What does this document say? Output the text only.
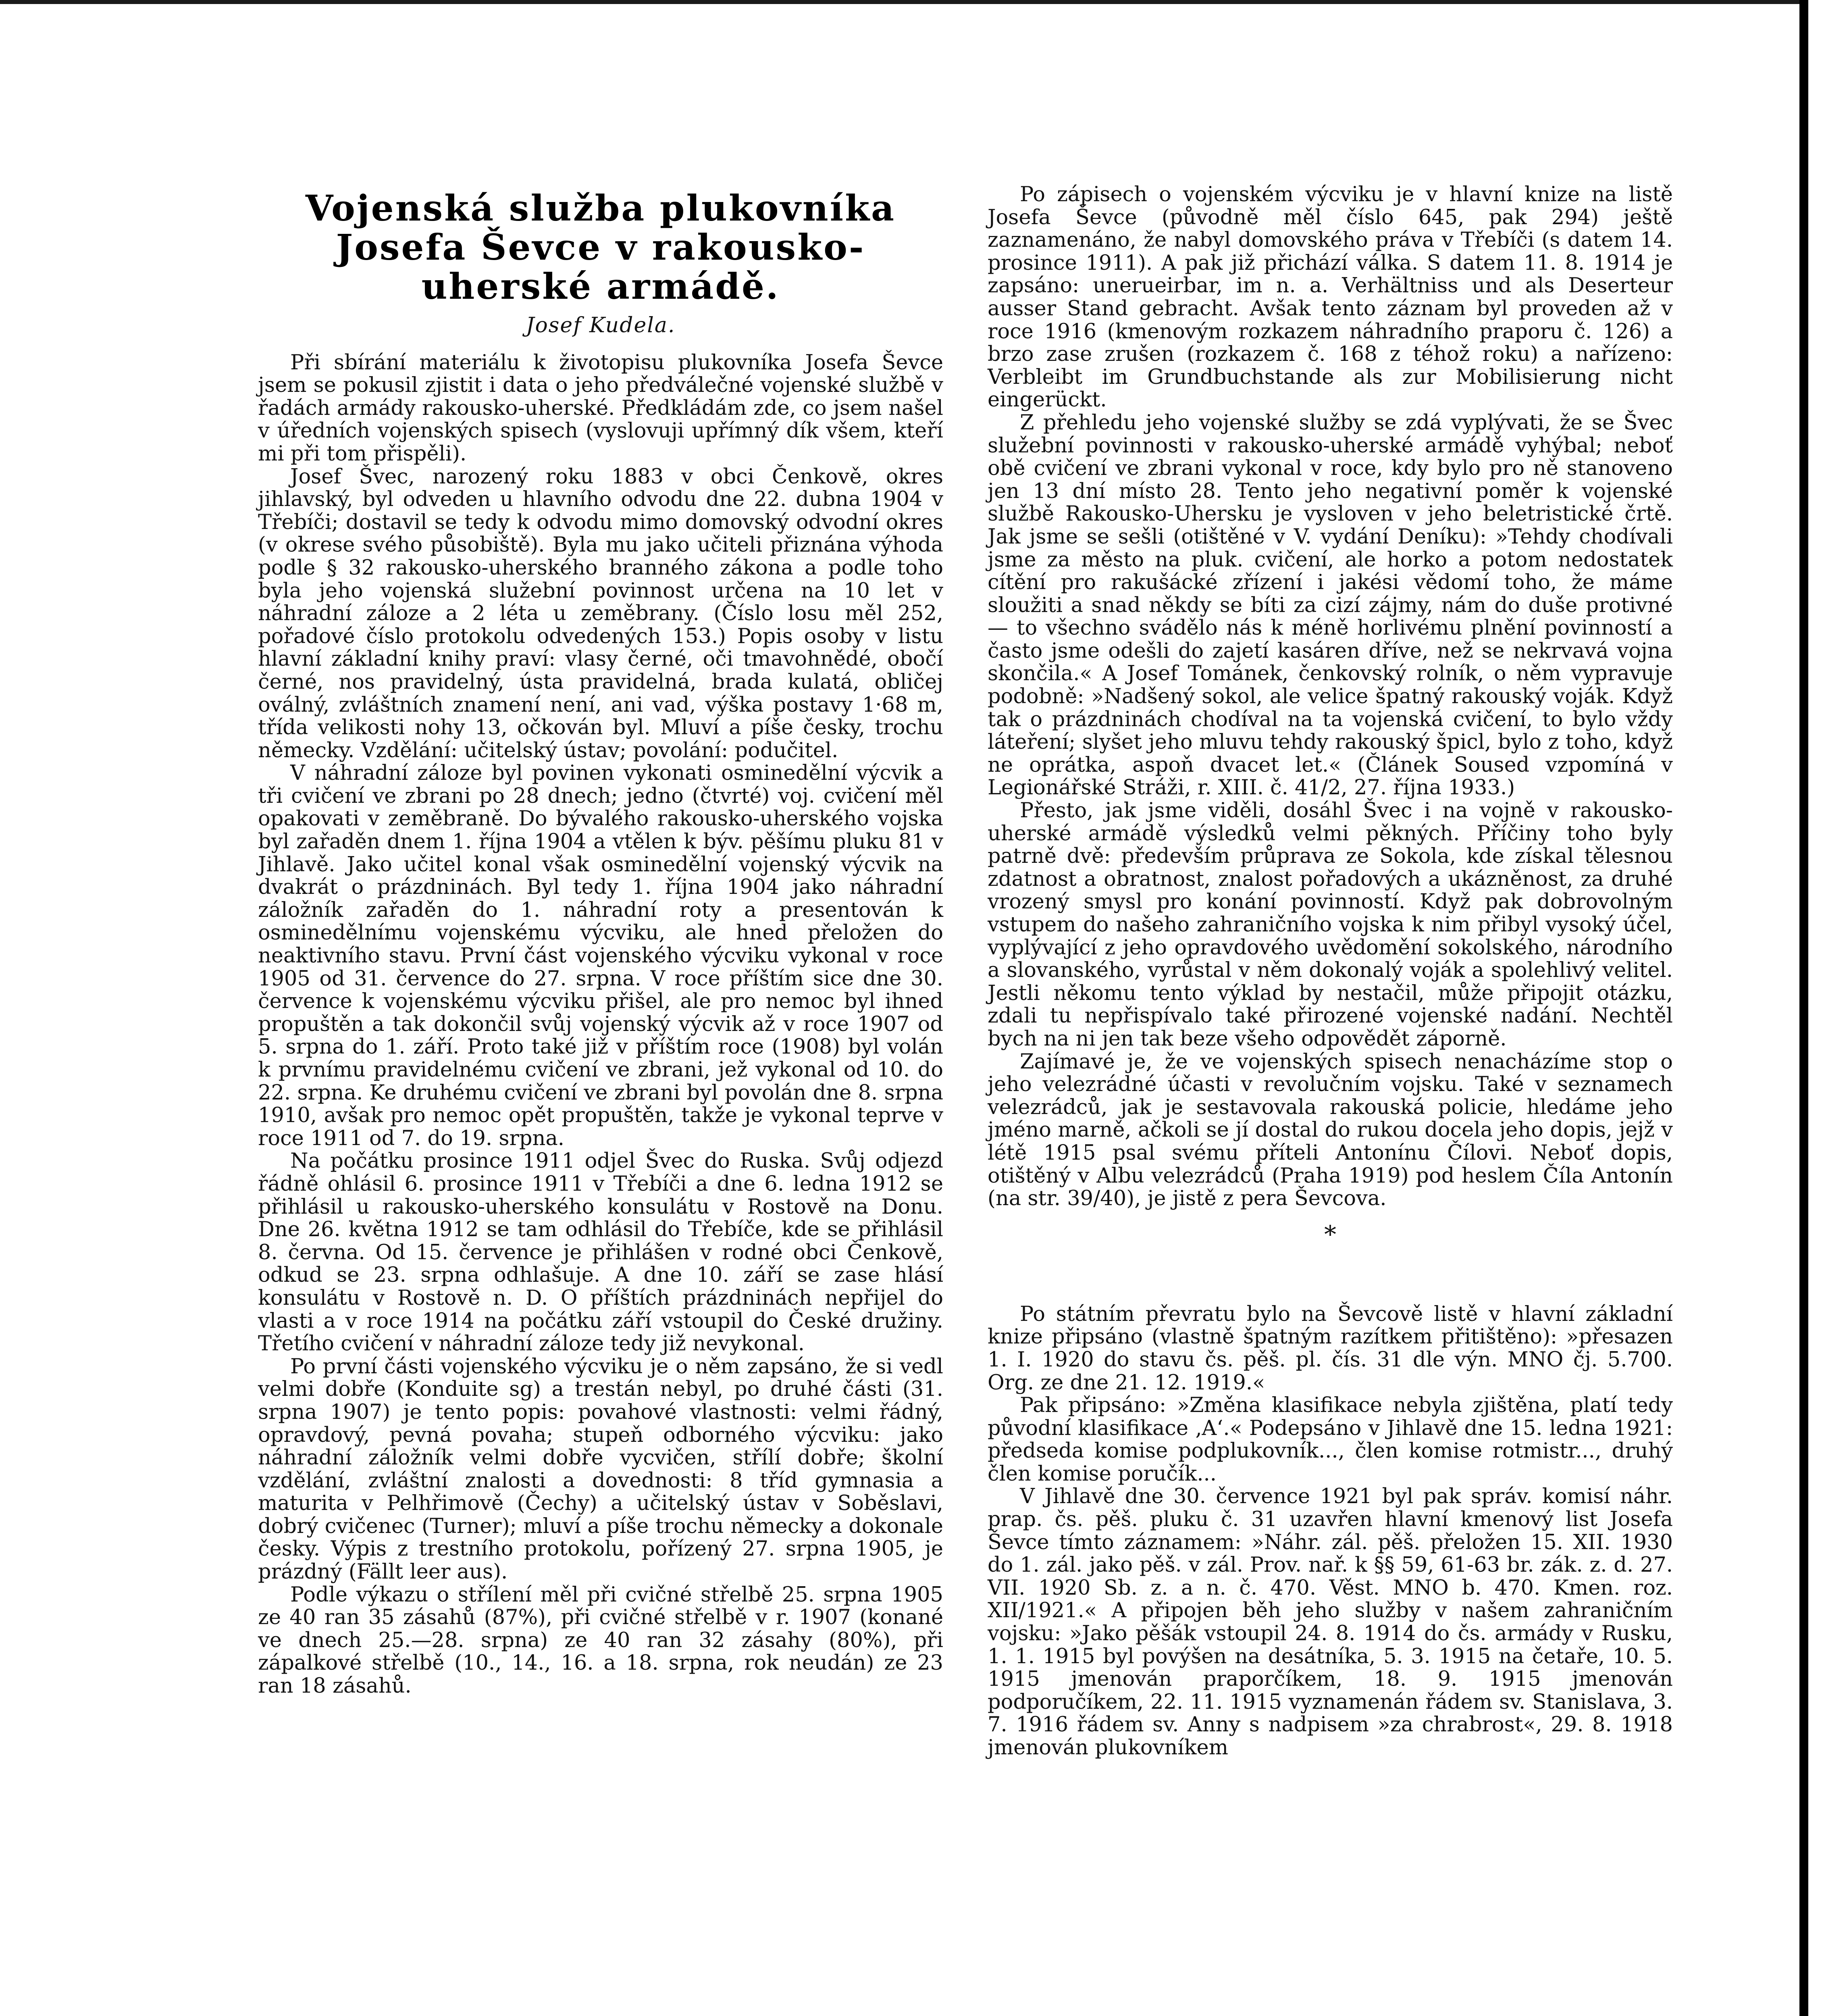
Vojenská služba plukovníka Josefa Ševce v rakousko-uherské armádě.
Josef Kudela.

Při sbírání materiálu k životopisu plukovníka Josefa Ševce jsem se pokusil zjistit i data o jeho předválečné vojenské službě v řadách armády rakousko-uherské. Předkládám zde, co jsem našel v úředních vojenských spisech (vyslovuji upřímný dík všem, kteří mi při tom přispěli).

Josef Švec, narozený roku 1883 v obci Čenkově, okres jihlavský, byl odveden u hlavního odvodu dne 22. dubna 1904 v Třebíči; dostavil se tedy k odvodu mimo domovský odvodní okres (v okrese svého působiště). Byla mu jako učiteli přiznána výhoda podle § 32 rakousko-uherského branného zákona a podle toho byla jeho vojenská služební povinnost určena na 10 let v náhradní záloze a 2 léta u zeměbrany. (Číslo losu měl 252, pořadové číslo protokolu odvedených 153.) Popis osoby v listu hlavní základní knihy praví: vlasy černé, oči tmavohnědé, obočí černé, nos pravidelný, ústa pravidelná, brada kulatá, obličej oválný, zvláštních znamení není, ani vad, výška postavy 1·68 m, třída velikosti nohy 13, očkován byl. Mluví a píše česky, trochu německy. Vzdělání: učitelský ústav; povolání: podučitel.

V náhradní záloze byl povinen vykonati osminedělní výcvik a tři cvičení ve zbrani po 28 dnech; jedno (čtvrté) voj. cvičení měl opakovati v zeměbraně. Do bývalého rakousko-uherského vojska byl zařaděn dnem 1. října 1904 a vtělen k býv. pěšímu pluku 81 v Jihlavě. Jako učitel konal však osminedělní vojenský výcvik na dvakrát o prázdninách. Byl tedy 1. října 1904 jako náhradní záložník zařaděn do 1. náhradní roty a presentován k osminedělnímu vojenskému výcviku, ale hned přeložen do neaktivního stavu. První část vojenského výcviku vykonal v roce 1905 od 31. července do 27. srpna. V roce příštím sice dne 30. července k vojenskému výcviku přišel, ale pro nemoc byl ihned propuštěn a tak dokončil svůj vojenský výcvik až v roce 1907 od 5. srpna do 1. září. Proto také již v příštím roce (1908) byl volán k prvnímu pravidelnému cvičení ve zbrani, jež vykonal od 10. do 22. srpna. Ke druhému cvičení ve zbrani byl povolán dne 8. srpna 1910, avšak pro nemoc opět propuštěn, takže je vykonal teprve v roce 1911 od 7. do 19. srpna.

Na počátku prosince 1911 odjel Švec do Ruska. Svůj odjezd řádně ohlásil 6. prosince 1911 v Třebíči a dne 6. ledna 1912 se přihlásil u rakousko-uherského konsulátu v Rostově na Donu. Dne 26. května 1912 se tam odhlásil do Třebíče, kde se přihlásil 8. června. Od 15. července je přihlášen v rodné obci Čenkově, odkud se 23. srpna odhlašuje. A dne 10. září se zase hlásí konsulátu v Rostově n. D. O příštích prázdninách nepřijel do vlasti a v roce 1914 na počátku září vstoupil do České družiny. Třetího cvičení v náhradní záloze tedy již nevykonal.

Po první části vojenského výcviku je o něm zapsáno, že si vedl velmi dobře (Konduite sg) a trestán nebyl, po druhé části (31. srpna 1907) je tento popis: povahové vlastnosti: velmi řádný, opravdový, pevná povaha; stupeň odborného výcviku: jako náhradní záložník velmi dobře vycvičen, střílí dobře; školní vzdělání, zvláštní znalosti a dovednosti: 8 tříd gymnasia a maturita v Pelhřimově (Čechy) a učitelský ústav v Soběslavi, dobrý cvičenec (Turner); mluví a píše trochu německy a dokonale česky. Výpis z trestního protokolu, pořízený 27. srpna 1905, je prázdný (Fällt leer aus).

Podle výkazu o střílení měl při cvičné střelbě 25. srpna 1905 ze 40 ran 35 zásahů (87%), při cvičné střelbě v r. 1907 (konané ve dnech 25.—28. srpna) ze 40 ran 32 zásahy (80%), při zápalkové střelbě (10., 14., 16. a 18. srpna, rok neudán) ze 23 ran 18 zásahů.

Po zápisech o vojenském výcviku je v hlavní knize na listě Josefa Ševce (původně měl číslo 645, pak 294) ještě zaznamenáno, že nabyl domovského práva v Třebíči (s datem 14. prosince 1911). A pak již přichází válka. S datem 11. 8. 1914 je zapsáno: unerueirbar, im n. a. Verhältniss und als Deserteur ausser Stand gebracht. Avšak tento záznam byl proveden až v roce 1916 (kmenovým rozkazem náhradního praporu č. 126) a brzo zase zrušen (rozkazem č. 168 z téhož roku) a nařízeno: Verbleibt im Grundbuchstande als zur Mobilisierung nicht eingerückt.

Z přehledu jeho vojenské služby se zdá vyplývati, že se Švec služební povinnosti v rakousko-uherské armádě vyhýbal; neboť obě cvičení ve zbrani vykonal v roce, kdy bylo pro ně stanoveno jen 13 dní místo 28. Tento jeho negativní poměr k vojenské službě Rakousko-Uhersku je vysloven v jeho beletristické črtě. Jak jsme se sešli (otištěné v V. vydání Deníku): »Tehdy chodívali jsme za město na pluk. cvičení, ale horko a potom nedostatek cítění pro rakušácké zřízení i jakési vědomí toho, že máme sloužiti a snad někdy se bíti za cizí zájmy, nám do duše protivné — to všechno svádělo nás k méně horlivému plnění povinností a často jsme odešli do zajetí kasáren dříve, než se nekrvavá vojna skončila.« A Josef Tománek, čenkovský rolník, o něm vypravuje podobně: »Nadšený sokol, ale velice špatný rakouský voják. Když tak o prázdninách chodíval na ta vojenská cvičení, to bylo vždy láteření; slyšet jeho mluvu tehdy rakouský špicl, bylo z toho, když ne oprátka, aspoň dvacet let.« (Článek Soused vzpomíná v Legionářské Stráži, r. XIII. č. 41/2, 27. října 1933.)

Přesto, jak jsme viděli, dosáhl Švec i na vojně v rakousko-uherské armádě výsledků velmi pěkných. Příčiny toho byly patrně dvě: především průprava ze Sokola, kde získal tělesnou zdatnost a obratnost, znalost pořadových a ukázněnost, za druhé vrozený smysl pro konání povinností. Když pak dobrovolným vstupem do našeho zahraničního vojska k nim přibyl vysoký účel, vyplývající z jeho opravdového uvědomění sokolského, národního a slovanského, vyrůstal v něm dokonalý voják a spolehlivý velitel. Jestli někomu tento výklad by nestačil, může připojit otázku, zdali tu nepřispívalo také přirozené vojenské nadání. Nechtěl bych na ni jen tak beze všeho odpovědět záporně.

Zajímavé je, že ve vojenských spisech nenacházíme stop o jeho velezrádné účasti v revolučním vojsku. Také v seznamech velezrádců, jak je sestavovala rakouská policie, hledáme jeho jméno marně, ačkoli se jí dostal do rukou docela jeho dopis, jejž v létě 1915 psal svému příteli Antonínu Čílovi. Neboť dopis, otištěný v Albu velezrádců (Praha 1919) pod heslem Číla Antonín (na str. 39/40), je jistě z pera Ševcova.

*

Po státním převratu bylo na Ševcově listě v hlavní základní knize připsáno (vlastně špatným razítkem přitištěno): »přesazen 1. I. 1920 do stavu čs. pěš. pl. čís. 31 dle výn. MNO čj. 5.700. Org. ze dne 21. 12. 1919.«

Pak připsáno: »Změna klasifikace nebyla zjištěna, platí tedy původní klasifikace ‚A‘.« Podepsáno v Jihlavě dne 15. ledna 1921: předseda komise podplukovník..., člen komise rotmistr..., druhý člen komise poručík...

V Jihlavě dne 30. července 1921 byl pak správ. komisí náhr. prap. čs. pěš. pluku č. 31 uzavřen hlavní kmenový list Josefa Ševce tímto záznamem: »Náhr. zál. pěš. přeložen 15. XII. 1930 do 1. zál. jako pěš. v zál. Prov. nař. k §§ 59, 61-63 br. zák. z. d. 27. VII. 1920 Sb. z. a n. č. 470. Věst. MNO b. 470. Kmen. roz. XII/1921.« A připojen běh jeho služby v našem zahraničním vojsku: »Jako pěšák vstoupil 24. 8. 1914 do čs. armády v Rusku, 1. 1. 1915 byl povýšen na desátníka, 5. 3. 1915 na četaře, 10. 5. 1915 jmenován praporčíkem, 18. 9. 1915 jmenován podporučíkem, 22. 11. 1915 vyznamenán řádem sv. Stanislava, 3. 7. 1916 řádem sv. Anny s nadpisem »za chrabrost«, 29. 8. 1918 jmenován plukovníkem
